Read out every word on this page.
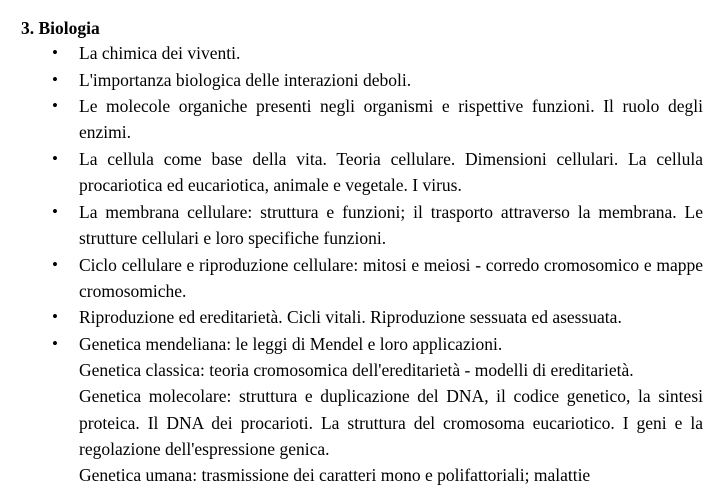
3. Biologia
• La chimica dei viventi.
• L'importanza biologica delle interazioni deboli.
• Le molecole organiche presenti negli organismi e rispettive funzioni. Il ruolo degli enzimi.
• La cellula come base della vita. Teoria cellulare. Dimensioni cellulari. La cellula procariotica ed eucariotica, animale e vegetale. I virus.
• La membrana cellulare: struttura e funzioni; il trasporto attraverso la membrana. Le strutture cellulari e loro specifiche funzioni.
• Ciclo cellulare e riproduzione cellulare: mitosi e meiosi - corredo cromosomico e mappe cromosomiche.
• Riproduzione ed ereditarietà. Cicli vitali. Riproduzione sessuata ed asessuata.
• Genetica mendeliana: le leggi di Mendel e loro applicazioni.
Genetica classica: teoria cromosomica dell'ereditarietà - modelli di ereditarietà.
Genetica molecolare: struttura e duplicazione del DNA, il codice genetico, la sintesi proteica. Il DNA dei procarioti. La struttura del cromosoma eucariotico. I geni e la regolazione dell'espressione genica.
Genetica umana: trasmissione dei caratteri mono e polifattoriali; malattie
